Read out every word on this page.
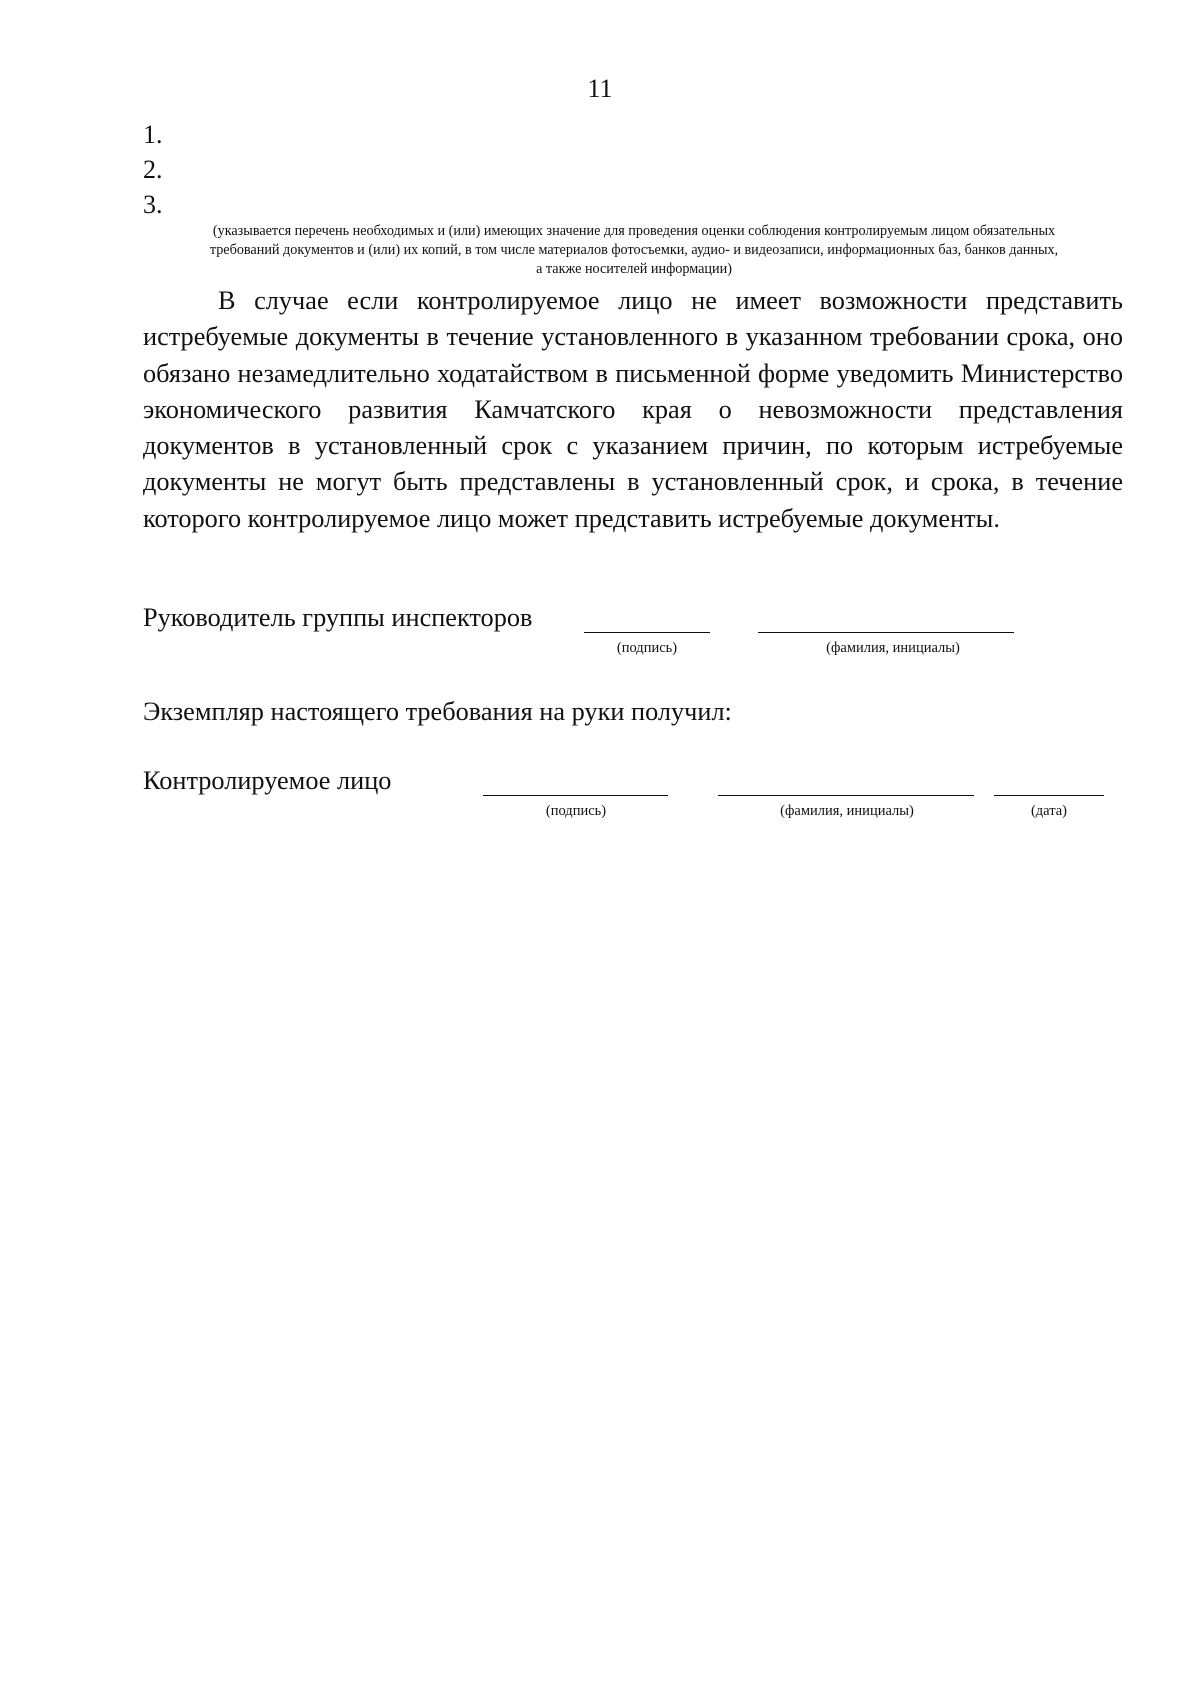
11
1.
2.
3.
(указывается перечень необходимых и (или) имеющих значение для проведения оценки соблюдения контролируемым лицом обязательных
требований документов и (или) их копий, в том числе материалов фотосъемки, аудио- и видеозаписи, информационных баз, банков данных,
а также носителей информации)

В случае если контролируемое лицо не имеет возможности представить истребуемые документы в течение установленного в указанном требовании срока, оно обязано незамедлительно ходатайством в письменной форме уведомить Министерство экономического развития Камчатского края о невозможности представления документов в установленный срок с указанием причин, по которым истребуемые документы не могут быть представлены в установленный срок, и срока, в течение которого контролируемое лицо может представить истребуемые документы.

Руководитель группы инспекторов
(подпись)	(фамилия, инициалы)
Экземпляр настоящего требования на руки получил:
Контролируемое лицо
(подпись)	(фамилия, инициалы)	(дата)
